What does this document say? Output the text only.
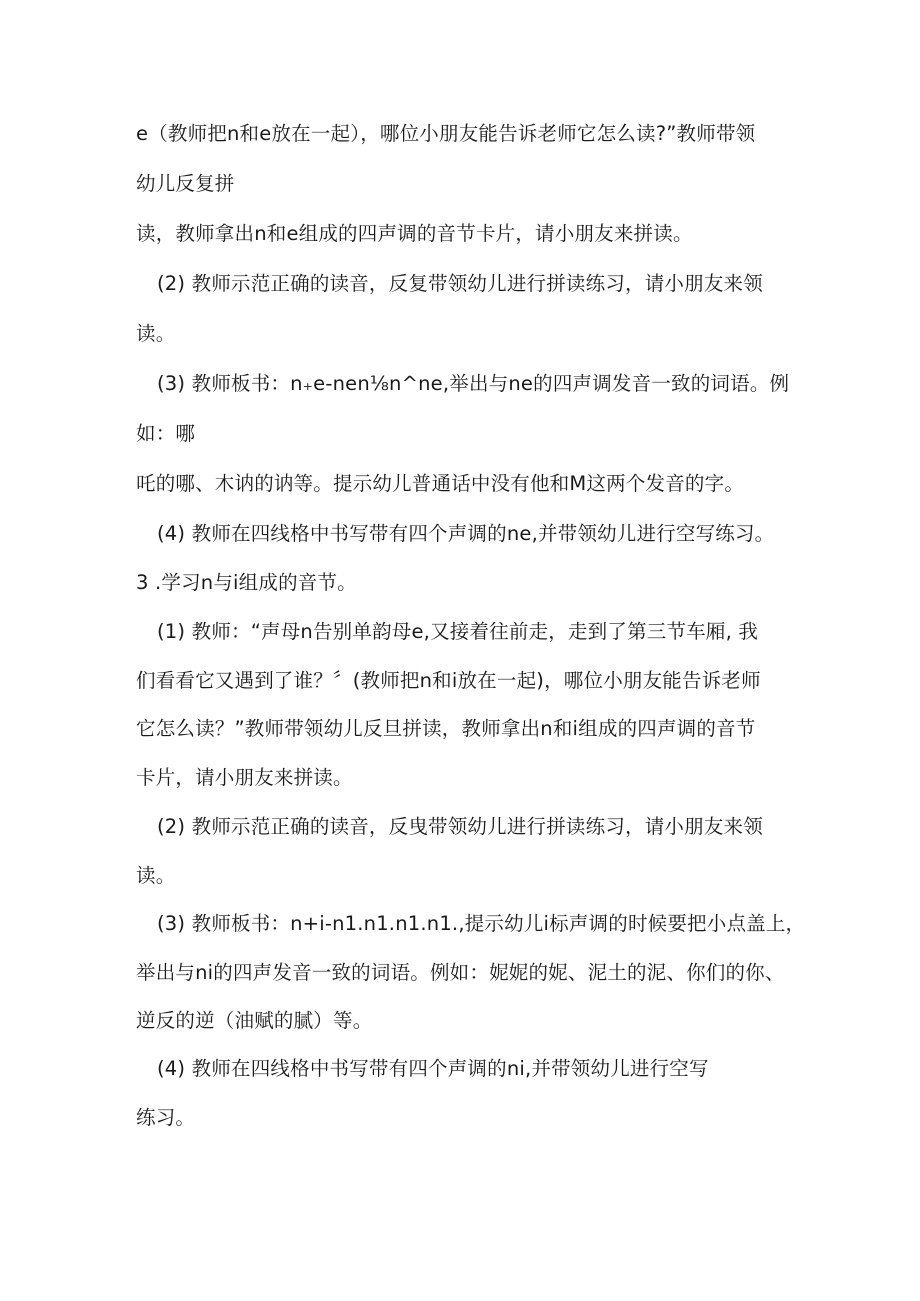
e（教师把n和e放在一起），哪位小朋友能告诉老师它怎么读?”教师带领
幼儿反复拼
读，教师拿出n和e组成的四声调的音节卡片，请小朋友来拼读。
(2) 教师示范正确的读音，反复带领幼儿进行拼读练习，请小朋友来领
读。
(3) 教师板书：n₊e-nen⅛n^ne,举出与ne的四声调发音一致的词语。例
如：哪
吒的哪、木讷的讷等。提示幼儿普通话中没有他和M这两个发音的字。
(4) 教师在四线格中书写带有四个声调的ne,并带领幼儿进行空写练习。
3 .学习n与i组成的音节。
(1) 教师：“声母n告别单韵母e,又接着往前走，走到了第三节车厢, 我
们看看它又遇到了谁？〞(教师把n和i放在一起)，哪位小朋友能告诉老师
它怎么读？”教师带领幼儿反旦拼读，教师拿出n和i组成的四声调的音节
卡片，请小朋友来拼读。
(2) 教师示范正确的读音，反曳带领幼儿进行拼读练习，请小朋友来领
读。
(3) 教师板书：n+i-n1.n1.n1.n1.,提示幼儿i标声调的时候要把小点盖上，
举出与ni的四声发音一致的词语。例如：妮妮的妮、泥土的泥、你们的你、
逆反的逆（油赋的腻）等。
(4) 教师在四线格中书写带有四个声调的ni,并带领幼儿进行空写
练习。
